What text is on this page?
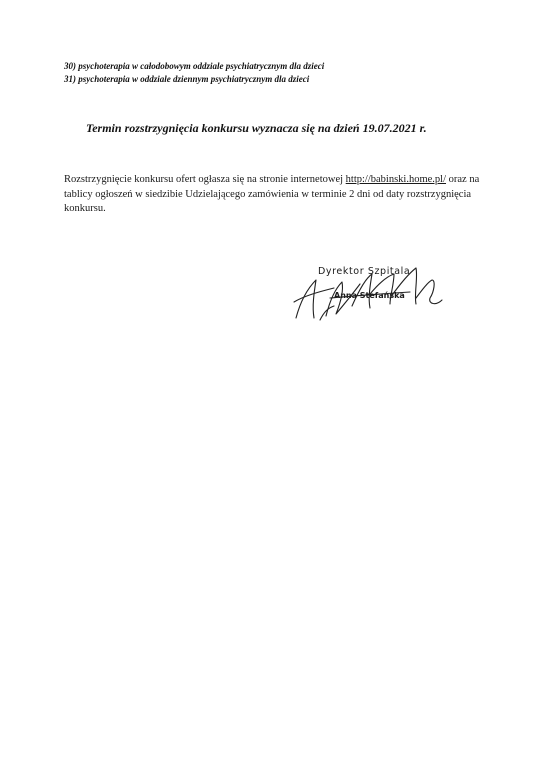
30) psychoterapia w całodobowym oddziale psychiatrycznym dla dzieci
31) psychoterapia w oddziale dziennym psychiatrycznym dla dzieci
Termin rozstrzygnięcia konkursu wyznacza się na dzień 19.07.2021 r.
Rozstrzygnięcie konkursu ofert ogłasza się na stronie internetowej http://babinski.home.pl/ oraz na tablicy ogłoszeń w siedzibie Udzielającego zamówienia w terminie 2 dni od daty rozstrzygnięcia konkursu.
Dyrektor Szpitala
Anna Stefańska
